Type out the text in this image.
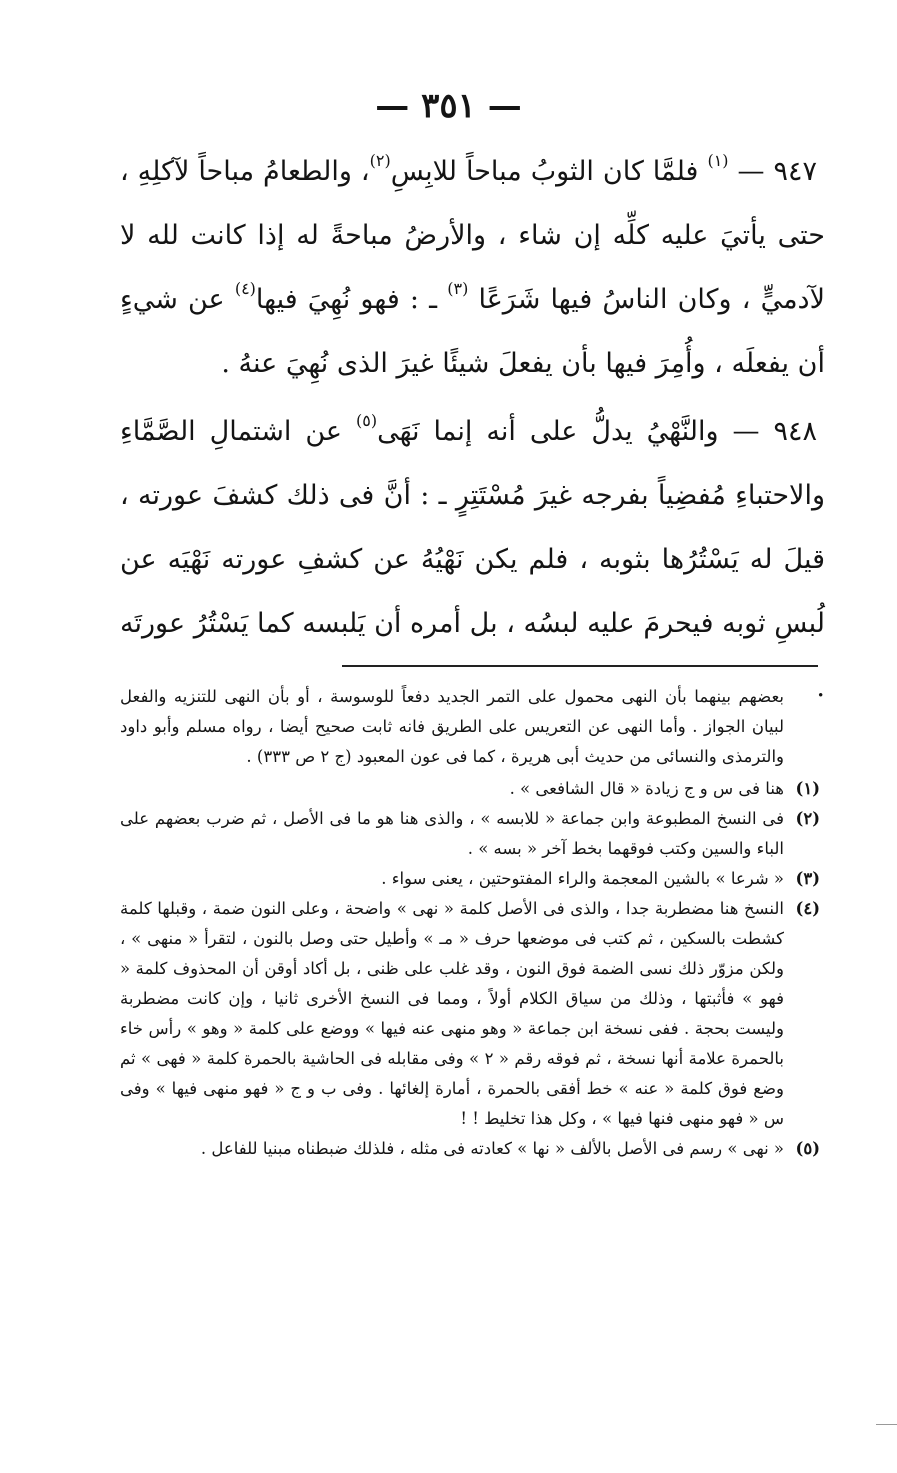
— ٣٥١ —

٩٤٧ — $^{(١)}$ فلمَّا كان الثوبُ مباحاً للابِسِ$^{(٢)}$، والطعامُ مباحاً لآكلِهِ ، حتى يأتيَ عليه كلِّه إن شاء ، والأرضُ مباحةً له إذا كانت لله لا لآدميٍّ ، وكان الناسُ فيها شَرَعًا $^{(٣)}$ ـ : فهو نُهِيَ فيها$^{(٤)}$ عن شيءٍ أن يفعلَه ، وأُمِرَ فيها بأن يفعلَ شيئًا غيرَ الذى نُهِيَ عنهُ .

٩٤٨ — والنَّهْيُ يدلُّ على أنه إنما نَهَى$^{(٥)}$ عن اشتمالِ الصَّمَّاءِ والاحتباءِ مُفضِياً بفرجه غيرَ مُسْتَتِرٍ ـ : أنَّ فى ذلك كشفَ عورته ، قيلَ له يَسْتُرُها بثوبه ، فلم يكن نَهْيُهُ عن كشفِ عورته نَهْيَه عن لُبسِ ثوبه فيحرمَ عليه لبسُه ، بل أمره أن يَلبسه كما يَسْتُرُ عورتَه .

بعضهم بينهما بأن النهى محمول على التمر الجديد دفعاً للوسوسة ، أو بأن النهى للتنزيه والفعل لبيان الجواز . وأما النهى عن التعريس على الطريق فانه ثابت صحيح أيضا ، رواه مسلم وأبو داود والترمذى والنسائى من حديث أبى هريرة ، كما فى عون المعبود (ج ٢ ص ٣٣٣) .

(١)
هنا فى س و ج زيادة « قال الشافعى » .
(٢)
فى النسخ المطبوعة وابن جماعة « للابسه » ، والذى هنا هو ما فى الأصل ، ثم ضرب بعضهم على الباء والسين وكتب فوقهما بخط آخر « بسه » .
(٣)
« شرعا » بالشين المعجمة والراء المفتوحتين ، يعنى سواء .
(٤)
النسخ هنا مضطربة جدا ، والذى فى الأصل كلمة « نهى » واضحة ، وعلى النون ضمة ، وقبلها كلمة كشطت بالسكين ، ثم كتب فى موضعها حرف « مـ » وأطيل حتى وصل بالنون ، لتقرأ « منهى » ، ولكن مزوّر ذلك نسى الضمة فوق النون ، وقد غلب على ظنى ، بل أكاد أوقن أن المحذوف كلمة « فهو » فأثبتها ، وذلك من سياق الكلام أولاً ، ومما فى النسخ الأخرى ثانيا ، وإن كانت مضطربة وليست بحجة . ففى نسخة ابن جماعة « وهو منهى عنه فيها » ووضع على كلمة « وهو » رأس خاء بالحمرة علامة أنها نسخة ، ثم فوقه رقم « ٢ » وفى مقابله فى الحاشية بالحمرة كلمة « فهى » ثم وضع فوق كلمة « عنه » خط أفقى بالحمرة ، أمارة إلغائها . وفى ب و ج « فهو منهى فيها » وفى س « فهو منهى فنها فيها » ، وكل هذا تخليط ! !
(٥)
« نهى » رسم فى الأصل بالألف « نها » كعادته فى مثله ، فلذلك ضبطناه مبنيا للفاعل .
